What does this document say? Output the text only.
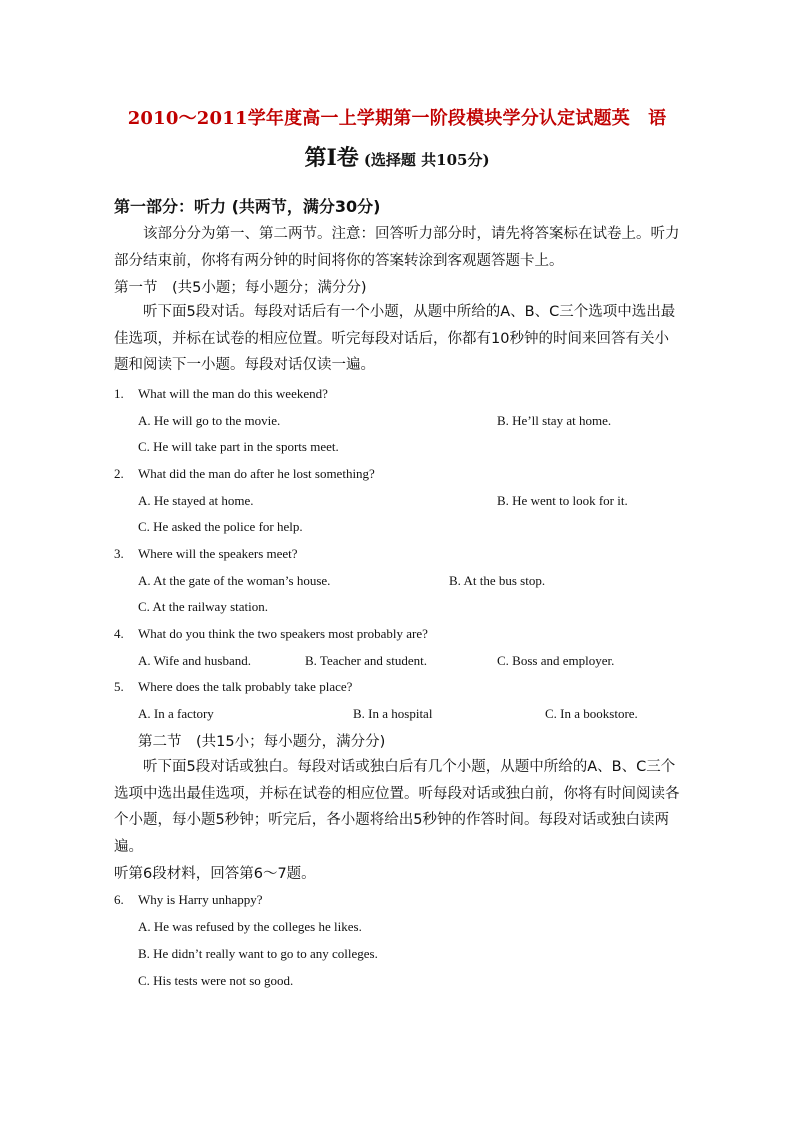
2010～2011学年度高一上学期第一阶段模块学分认定试题英　语
第Ⅰ卷 (选择题 共105分)
第一部分：听力 (共两节，满分30分)
该部分分为第一、第二两节。注意：回答听力部分时，请先将答案标在试卷上。听力部分结束前，你将有两分钟的时间将你的答案转涂到客观题答题卡上。
第一节　(共5小题；每小题分；满分分)
听下面5段对话。每段对话后有一个小题，从题中所给的A、B、C三个选项中选出最佳选项，并标在试卷的相应位置。听完每段对话后，你都有10秒钟的时间来回答有关小题和阅读下一小题。每段对话仅读一遍。
1. What will the man do this weekend?
A. He will go to the movie.	B. He’ll stay at home.
C. He will take part in the sports meet.
2. What did the man do after he lost something?
A. He stayed at home.	B. He went to look for it.
C. He asked the police for help.
3. Where will the speakers meet?
A. At the gate of the woman’s house.	B. At the bus stop.
C. At the railway station.
4. What do you think the two speakers most probably are?
A. Wife and husband.	B. Teacher and student.	C. Boss and employer.
5. Where does the talk probably take place?
A. In a factory	B. In a hospital	C. In a bookstore.
第二节　(共15小；每小题分，满分分)
听下面5段对话或独白。每段对话或独白后有几个小题，从题中所给的A、B、C三个选项中选出最佳选项，并标在试卷的相应位置。听每段对话或独白前，你将有时间阅读各个小题，每小题5秒钟；听完后，各小题将给出5秒钟的作答时间。每段对话或独白读两遍。
听第6段材料，回答第6～7题。
6. Why is Harry unhappy?
A. He was refused by the colleges he likes.
B. He didn’t really want to go to any colleges.
C. His tests were not so good.
